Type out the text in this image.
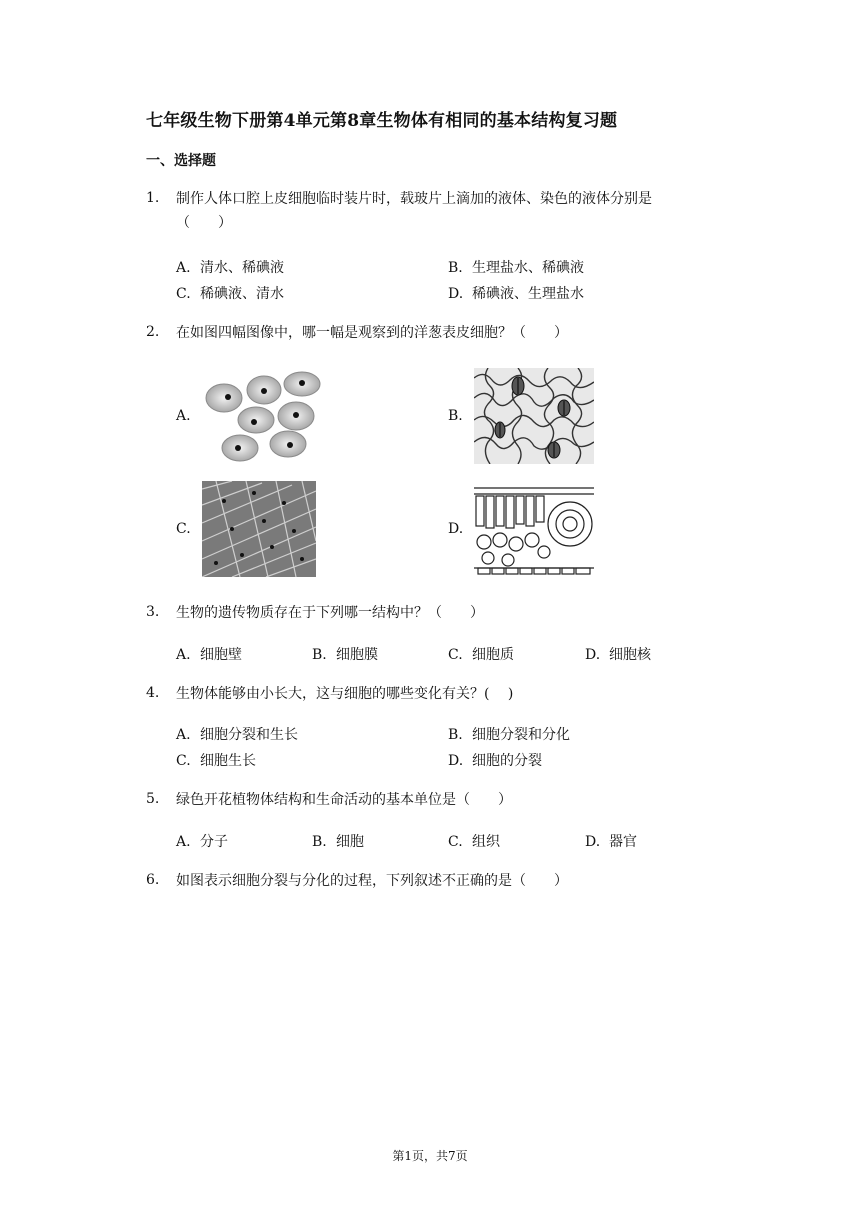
七年级生物下册第4单元第8章生物体有相同的基本结构复习题
一、选择题
1. 制作人体口腔上皮细胞临时装片时，载玻片上滴加的液体、染色的液体分别是（　　）
A. 清水、稀碘液	B. 生理盐水、稀碘液
C. 稀碘液、清水	D. 稀碘液、生理盐水
2. 在如图四幅图像中，哪一幅是观察到的洋葱表皮细胞？（　　）
A.	B.
C.	D.
3. 生物的遗传物质存在于下列哪一结构中？（　　）
A. 细胞壁	B. 细胞膜	C. 细胞质	D. 细胞核
4. 生物体能够由小长大，这与细胞的哪些变化有关？(　 )
A. 细胞分裂和生长	B. 细胞分裂和分化
C. 细胞生长	D. 细胞的分裂
5. 绿色开花植物体结构和生命活动的基本单位是（　　）
A. 分子	B. 细胞	C. 组织	D. 器官
6. 如图表示细胞分裂与分化的过程，下列叙述不正确的是（　　）
第1页，共7页
